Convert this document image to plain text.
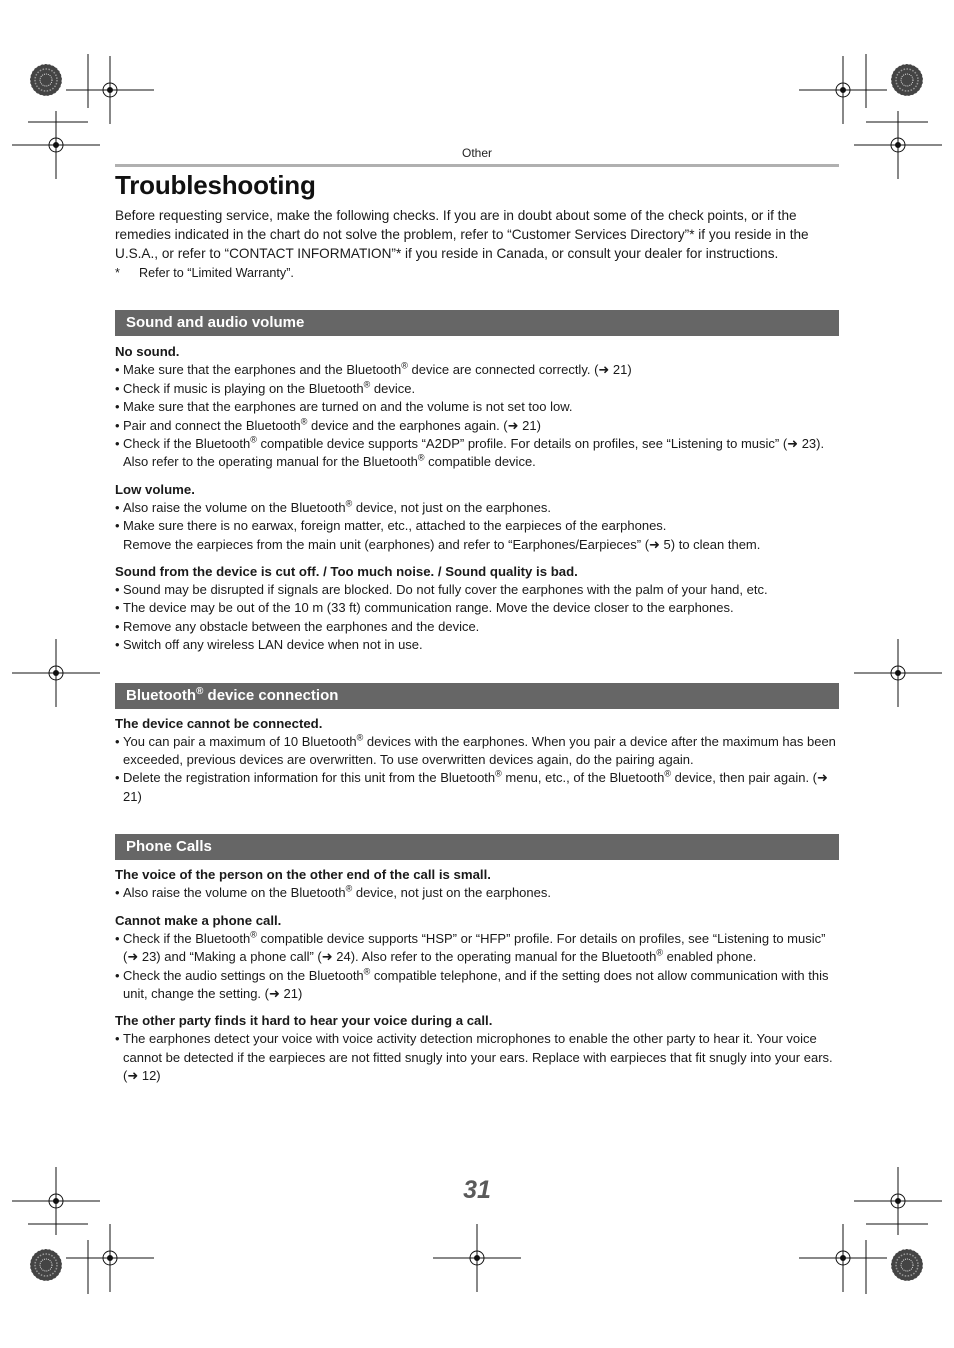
Other
Troubleshooting

Before requesting service, make the following checks. If you are in doubt about some of the check points, or if the remedies indicated in the chart do not solve the problem, refer to “Customer Services Directory”* if you reside in the U.S.A., or refer to “CONTACT INFORMATION”* if you reside in Canada, or consult your dealer for instructions.

*	Refer to “Limited Warranty”.

Sound and audio volume

No sound.

• Make sure that the earphones and the Bluetooth® device are connected correctly. (➜ 21)
• Check if music is playing on the Bluetooth® device.
• Make sure that the earphones are turned on and the volume is not set too low.
• Pair and connect the Bluetooth® device and the earphones again. (➜ 21)
• Check if the Bluetooth® compatible device supports “A2DP” profile. For details on profiles, see “Listening to music” (➜ 23). Also refer to the operating manual for the Bluetooth® compatible device.

Low volume.

• Also raise the volume on the Bluetooth® device, not just on the earphones.
• Make sure there is no earwax, foreign matter, etc., attached to the earpieces of the earphones.
Remove the earpieces from the main unit (earphones) and refer to “Earphones/Earpieces” (➜ 5) to clean them.

Sound from the device is cut off. / Too much noise. / Sound quality is bad.

• Sound may be disrupted if signals are blocked. Do not fully cover the earphones with the palm of your hand, etc.
• The device may be out of the 10 m (33 ft) communication range. Move the device closer to the earphones.
• Remove any obstacle between the earphones and the device.
• Switch off any wireless LAN device when not in use.
Bluetooth® device connection

The device cannot be connected.

• You can pair a maximum of 10 Bluetooth® devices with the earphones. When you pair a device after the maximum has been exceeded, previous devices are overwritten. To use overwritten devices again, do the pairing again.
• Delete the registration information for this unit from the Bluetooth® menu, etc., of the Bluetooth® device, then pair again. (➜ 21)
Phone Calls

The voice of the person on the other end of the call is small.

• Also raise the volume on the Bluetooth® device, not just on the earphones.

Cannot make a phone call.

• Check if the Bluetooth® compatible device supports “HSP” or “HFP” profile. For details on profiles, see “Listening to music” (➜ 23) and “Making a phone call” (➜ 24). Also refer to the operating manual for the Bluetooth® enabled phone.
• Check the audio settings on the Bluetooth® compatible telephone, and if the setting does not allow communication with this unit, change the setting. (➜ 21)

The other party finds it hard to hear your voice during a call.

• The earphones detect your voice with voice activity detection microphones to enable the other party to hear it. Your voice cannot be detected if the earpieces are not fitted snugly into your ears. Replace with earpieces that fit snugly into your ears. (➜ 12)
31
